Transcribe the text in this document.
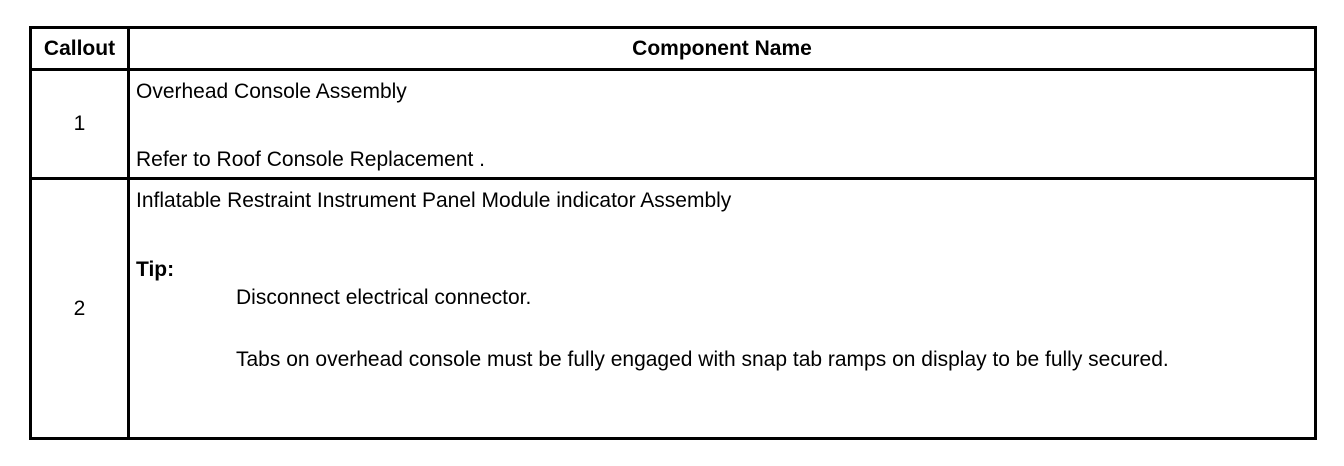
Callout	Component Name
1
Overhead Console Assembly
Refer to Roof Console Replacement .
2
Inflatable Restraint Instrument Panel Module indicator Assembly
Tip:
Disconnect electrical connector.
Tabs on overhead console must be fully engaged with snap tab ramps on display to be fully secured.
